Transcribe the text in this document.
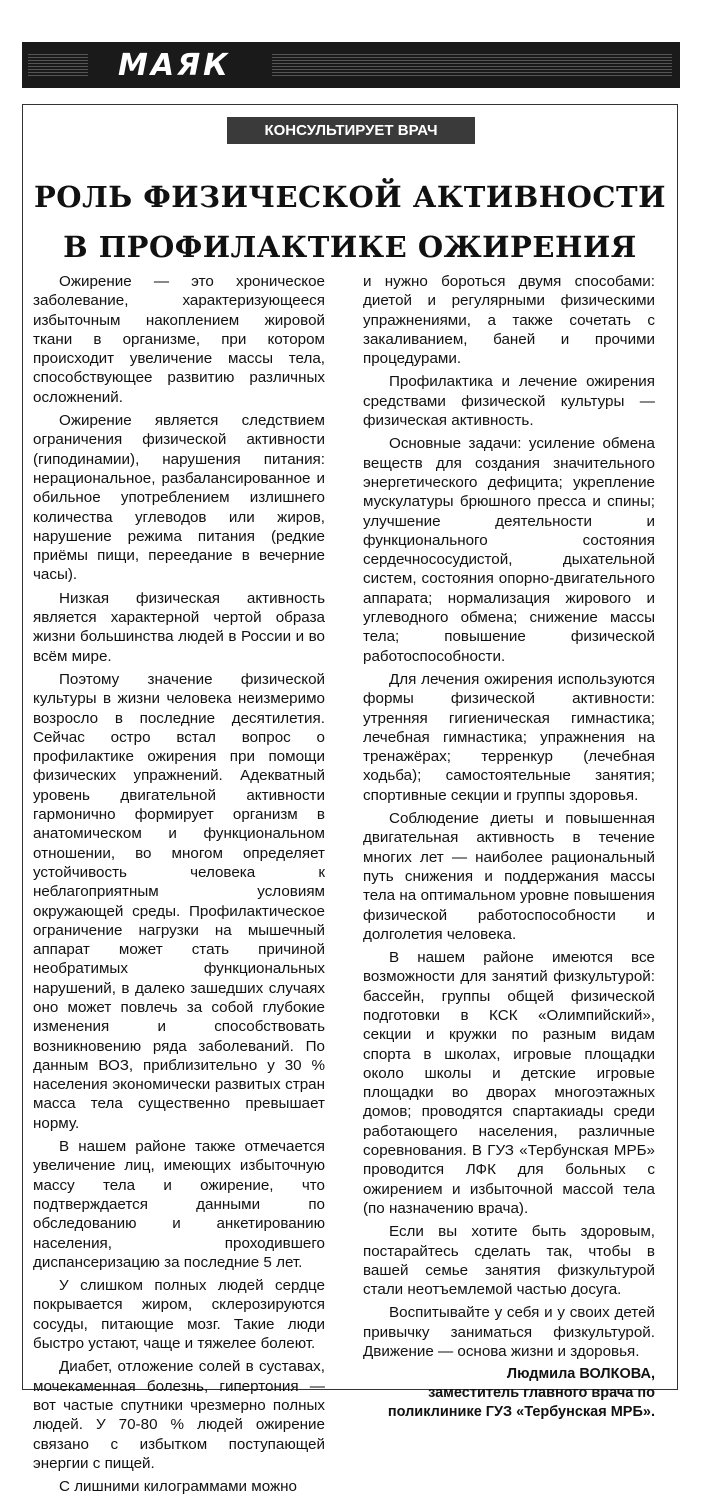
МАЯК
КОНСУЛЬТИРУЕТ ВРАЧ
РОЛЬ ФИЗИЧЕСКОЙ АКТИВНОСТИ
В ПРОФИЛАКТИКЕ ОЖИРЕНИЯ

Ожирение — это хроническое заболевание, характеризующееся избыточным накоплением жировой ткани в организме, при котором происходит увеличение массы тела, способствующее развитию различных осложнений.

Ожирение является следствием ограничения физической активности (гиподинамии), нарушения питания: нерациональное, разбалансированное и обильное употреблением излишнего количества углеводов или жиров, нарушение режима питания (редкие приёмы пищи, переедание в вечерние часы).

Низкая физическая активность является характерной чертой образа жизни большинства людей в России и во всём мире.

Поэтому значение физической культуры в жизни человека неизмеримо возросло в последние десятилетия. Сейчас остро встал вопрос о профилактике ожирения при помощи физических упражнений. Адекватный уровень двигательной активности гармонично формирует организм в анатомическом и функциональном отношении, во многом определяет устойчивость человека к неблагоприятным условиям окружающей среды. Профилактическое ограничение нагрузки на мышечный аппарат может стать причиной необратимых функциональных нарушений, в далеко зашедших случаях оно может повлечь за собой глубокие изменения и способствовать возникновению ряда заболеваний. По данным ВОЗ, приблизительно у 30 % населения экономически развитых стран масса тела существенно превышает норму.

В нашем районе также отмечается увеличение лиц, имеющих избыточную массу тела и ожирение, что подтверждается данными по обследованию и анкетированию населения, проходившего диспансеризацию за последние 5 лет.

У слишком полных людей сердце покрывается жиром, склерозируются сосуды, питающие мозг. Такие люди быстро устают, чаще и тяжелее болеют.

Диабет, отложение солей в суставах, мочекаменная болезнь, гипертония — вот частые спутники чрезмерно полных людей. У 70-80 % людей ожирение связано с избытком поступающей энергии с пищей.

С лишними килограммами можно

и нужно бороться двумя способами: диетой и регулярными физическими упражнениями, а также сочетать с закаливанием, баней и прочими процедурами.

Профилактика и лечение ожирения средствами физической культуры — физическая активность.

Основные задачи: усиление обмена веществ для создания значительного энергетического дефицита; укрепление мускулатуры брюшного пресса и спины; улучшение деятельности и функционального состояния сердечнососудистой, дыхательной систем, состояния опорно-двигательного аппарата; нормализация жирового и углеводного обмена; снижение массы тела; повышение физической работоспособности.

Для лечения ожирения используются формы физической активности: утренняя гигиеническая гимнастика; лечебная гимнастика; упражнения на тренажёрах; терренкур (лечебная ходьба); самостоятельные занятия; спортивные секции и группы здоровья.

Соблюдение диеты и повышенная двигательная активность в течение многих лет — наиболее рациональный путь снижения и поддержания массы тела на оптимальном уровне повышения физической работоспособности и долголетия человека.

В нашем районе имеются все возможности для занятий физкультурой: бассейн, группы общей физической подготовки в КСК «Олимпийский», секции и кружки по разным видам спорта в школах, игровые площадки около школы и детские игровые площадки во дворах многоэтажных домов; проводятся спартакиады среди работающего населения, различные соревнования. В ГУЗ «Тербунская МРБ» проводится ЛФК для больных с ожирением и избыточной массой тела (по назначению врача).

Если вы хотите быть здоровым, постарайтесь сделать так, чтобы в вашей семье занятия физкультурой стали неотъемлемой частью досуга.

Воспитывайте у себя и у своих детей привычку заниматься физкультурой. Движение — основа жизни и здоровья.

Людмила ВОЛКОВА,
заместитель главного врача по поликлинике ГУЗ «Тербунская МРБ».
